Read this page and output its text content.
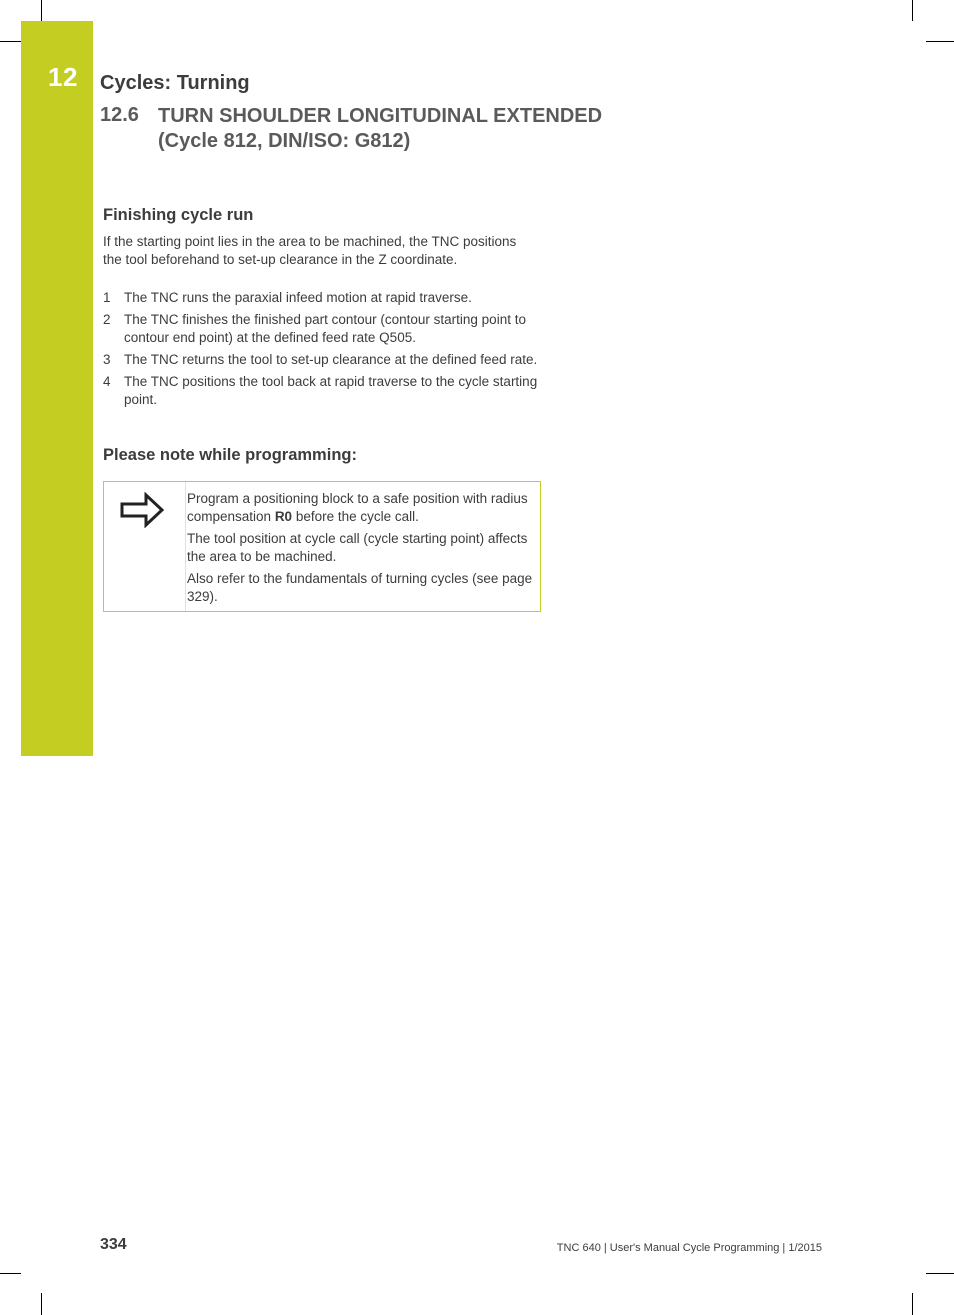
12 Cycles: Turning
12.6 TURN SHOULDER LONGITUDINAL EXTENDED
(Cycle 812, DIN/ISO: G812)
Finishing cycle run

If the starting point lies in the area to be machined, the TNC positions the tool beforehand to set-up clearance in the Z coordinate.

1 The TNC runs the paraxial infeed motion at rapid traverse.
2 The TNC finishes the finished part contour (contour starting point to contour end point) at the defined feed rate Q505.
3 The TNC returns the tool to set-up clearance at the defined feed rate.
4 The TNC positions the tool back at rapid traverse to the cycle starting point.
Please note while programming:

Program a positioning block to a safe position with radius compensation R0 before the cycle call.

The tool position at cycle call (cycle starting point) affects the area to be machined.

Also refer to the fundamentals of turning cycles (see page 329).

334	TNC 640 | User's Manual Cycle Programming | 1/2015
